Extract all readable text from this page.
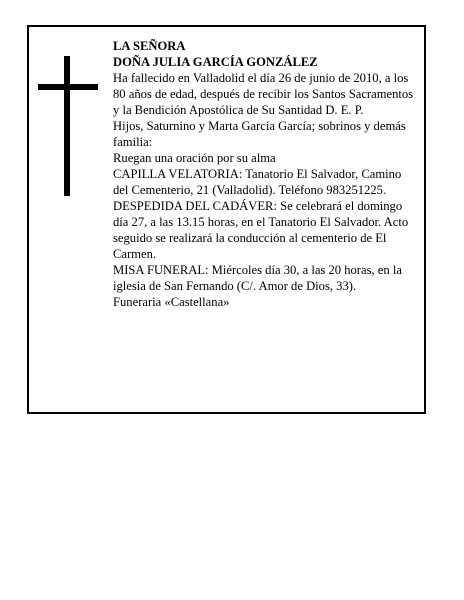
LA SEÑORA

DOÑA JULIA GARCÍA GONZÁLEZ

Ha fallecido en Valladolid el día 26 de junio de 2010, a los 80 años de edad, después de recibir los Santos Sacramentos y la Bendición Apostólica de Su Santidad D. E. P.

Hijos, Saturnino y Marta García García; sobrinos y demás familia:

Ruegan una oración por su alma

CAPILLA VELATORIA: Tanatorio El Salvador, Camino del Cementerio, 21 (Valladolid). Teléfono 983251225.

DESPEDIDA DEL CADÁVER: Se celebrará el domingo día 27, a las 13.15 horas, en el Tanatorio El Salvador. Acto seguido se realizará la conducción al cementerio de El Carmen.

MISA FUNERAL: Miércoles día 30, a las 20 horas, en la iglesia de San Fernando (C/. Amor de Dios, 33).

Funeraria «Castellana»
